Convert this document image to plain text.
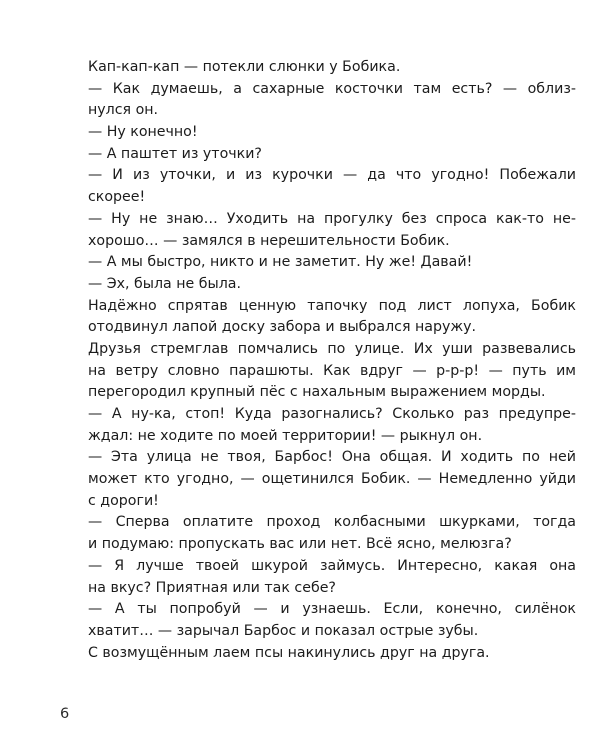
Кап-кап-кап — потекли слюнки у Бобика.
— Как думаешь, а сахарные косточки там есть? — облиз-
нулся он.
— Ну конечно!
— А паштет из уточки?
— И из уточки, и из курочки — да что угодно! Побежали
скорее!
— Ну не знаю… Уходить на прогулку без спроса как-то не-
хорошо… — замялся в нерешительности Бобик.
— А мы быстро, никто и не заметит. Ну же! Давай!
— Эх, была не была.
Надёжно спрятав ценную тапочку под лист лопуха, Бобик
отодвинул лапой доску забора и выбрался наружу.
Друзья стремглав помчались по улице. Их уши развевались
на ветру словно парашюты. Как вдруг — р-р-р! — путь им
перегородил крупный пёс с нахальным выражением морды.
— А ну-ка, стоп! Куда разогнались? Сколько раз предупре-
ждал: не ходите по моей территории! — рыкнул он.
— Эта улица не твоя, Барбос! Она общая. И ходить по ней
может кто угодно, — ощетинился Бобик. — Немедленно уйди
с дороги!
— Сперва оплатите проход колбасными шкурками, тогда
и подумаю: пропускать вас или нет. Всё ясно, мелюзга?
— Я лучше твоей шкурой займусь. Интересно, какая она
на вкус? Приятная или так себе?
— А ты попробуй — и узнаешь. Если, конечно, силёнок
хватит… — зарычал Барбос и показал острые зубы.
С возмущённым лаем псы накинулись друг на друга.
6
